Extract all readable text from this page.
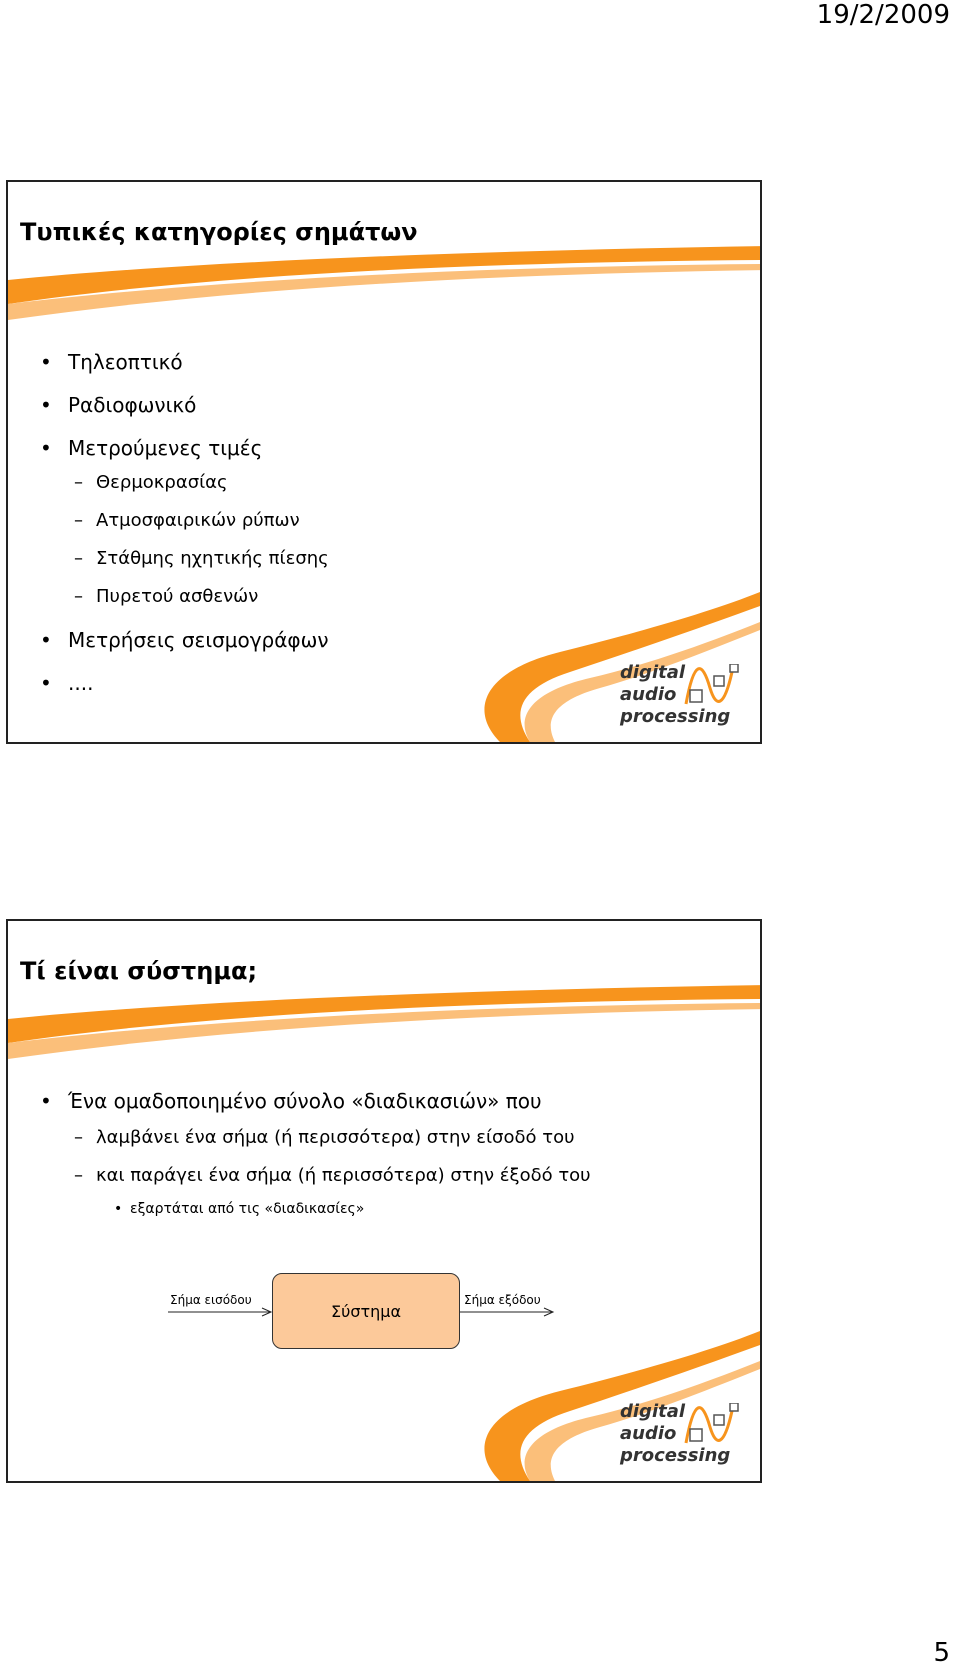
19/2/2009
Τυπικές κατηγορίες σημάτων
• Τηλεοπτικό
• Ραδιοφωνικό
• Μετρούμενες τιμές
– Θερμοκρασίας
– Ατμοσφαιρικών ρύπων
– Στάθμης ηχητικής πίεσης
– Πυρετού ασθενών
• Μετρήσεις σεισμογράφων
• ....	digital
audio
processing
Τί είναι σύστημα;
• Ένα ομαδοποιημένο σύνολο «διαδικασιών» που
– λαμβάνει ένα σήμα (ή περισσότερα) στην είσοδό του
– και παράγει ένα σήμα (ή περισσότερα) στην έξοδό του
• εξαρτάται από τις «διαδικασίες»
Σήμα εισόδου
Σύστημα
Σήμα εξόδου
digital
audio
processing
5
